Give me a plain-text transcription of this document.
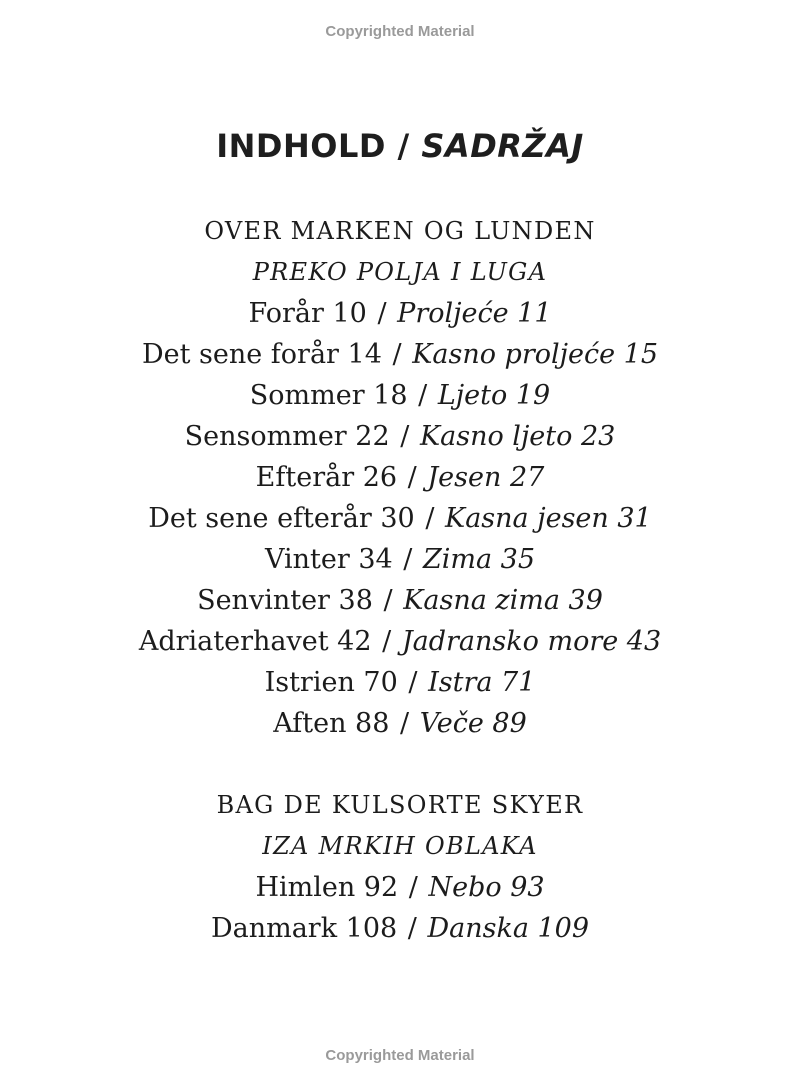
Copyrighted Material
INDHOLD / SADRŽAJ
OVER MARKEN OG LUNDEN
PREKO POLJA I LUGA
Forår 10 / Proljeće 11
Det sene forår 14 / Kasno proljeće 15
Sommer 18 / Ljeto 19
Sensommer 22 / Kasno ljeto 23
Efterår 26 / Jesen 27
Det sene efterår 30 / Kasna jesen 31
Vinter 34 / Zima 35
Senvinter 38 / Kasna zima 39
Adriaterhavet 42 / Jadransko more 43
Istrien 70 / Istra 71
Aften 88 / Veče 89
BAG DE KULSORTE SKYER
IZA MRKIH OBLAKA
Himlen 92 / Nebo 93
Danmark 108 / Danska 109
Copyrighted Material
